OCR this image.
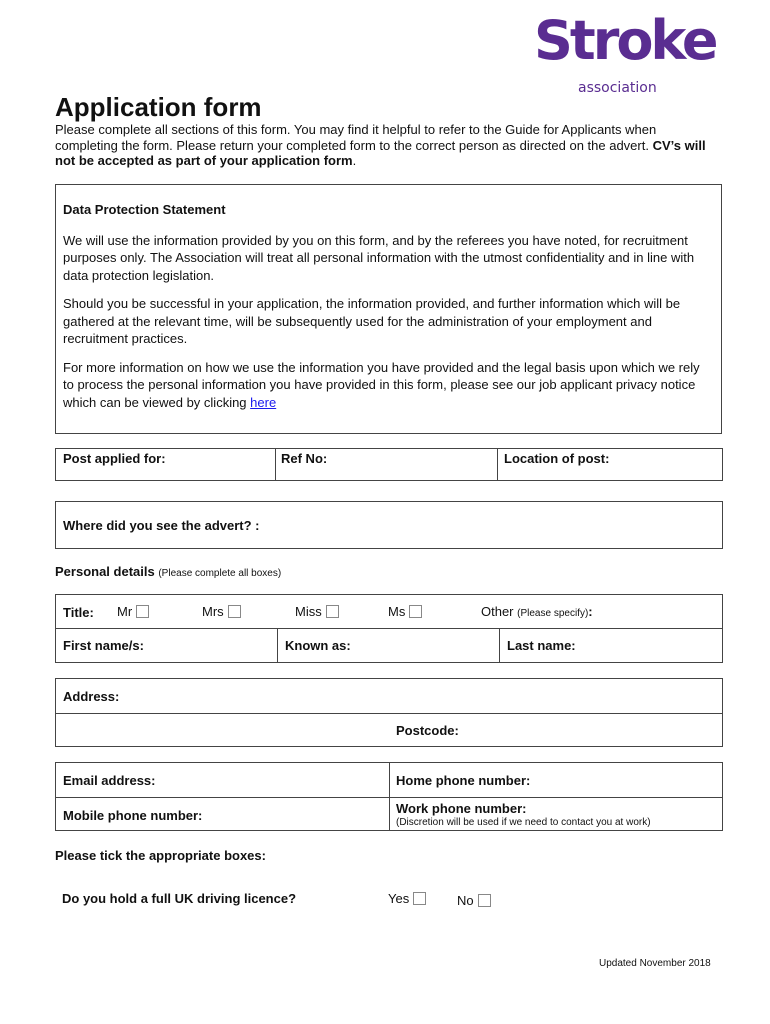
Stroke
association
Application form
Please complete all sections of this form. You may find it helpful to refer to the Guide for Applicants when completing the form. Please return your completed form to the correct person as directed on the advert. CV’s will not be accepted as part of your application form.

Data Protection Statement

We will use the information provided by you on this form, and by the referees you have noted, for recruitment purposes only. The Association will treat all personal information with the utmost confidentiality and in line with data protection legislation.

Should you be successful in your application, the information provided, and further information which will be gathered at the relevant time, will be subsequently used for the administration of your employment and recruitment practices.

For more information on how we use the information you have provided and the legal basis upon which we rely to process the personal information you have provided in this form, please see our job applicant privacy notice which can be viewed by clicking here

Post applied for:	Ref No:	Location of post:
Where did you see the advert? :
Personal details (Please complete all boxes)
Title: Mr	Mrs	Miss	Ms	Other (Please specify):
First name/s:	Known as:	Last name:
Address:
Postcode:
Email address:	Home phone number:
Mobile phone number:	Work phone number:
(Discretion will be used if we need to contact you at work)
Please tick the appropriate boxes:
Do you hold a full UK driving licence?	Yes	No
Updated November 2018
